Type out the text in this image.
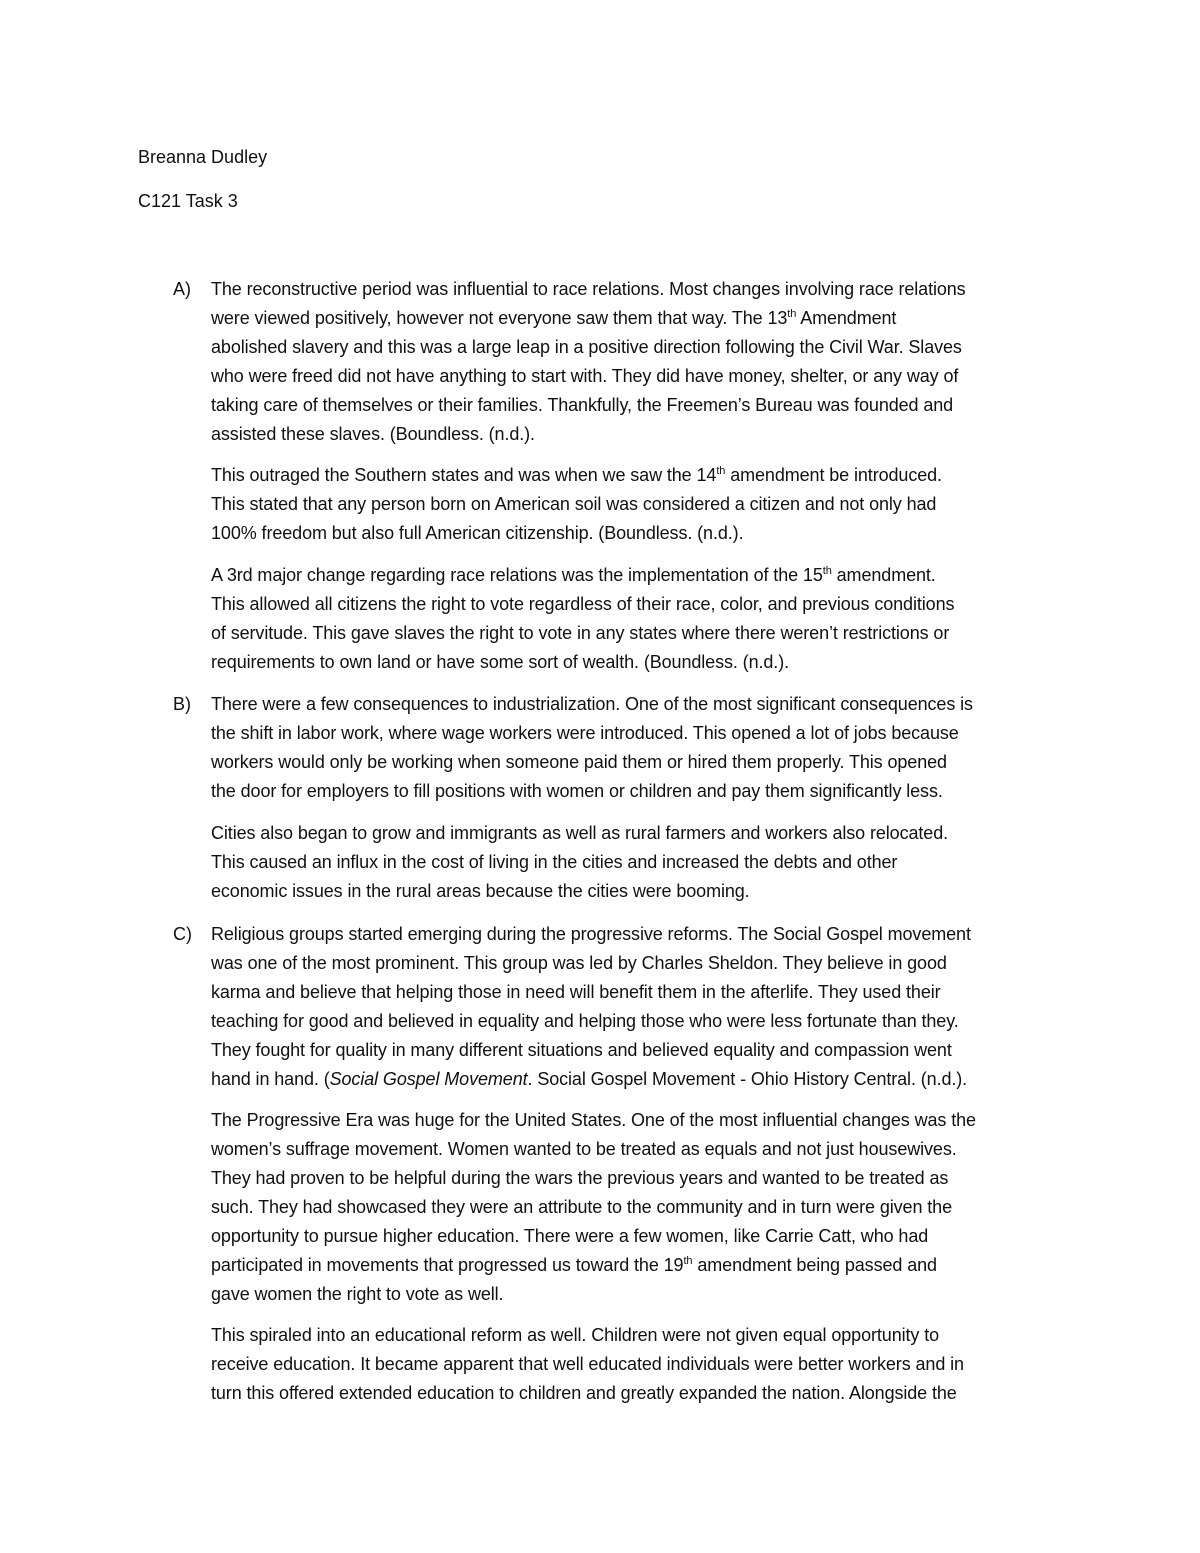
Breanna Dudley
C121 Task 3
A) The reconstructive period was influential to race relations. Most changes involving race relations
were viewed positively, however not everyone saw them that way. The 13th Amendment
abolished slavery and this was a large leap in a positive direction following the Civil War. Slaves
who were freed did not have anything to start with. They did have money, shelter, or any way of
taking care of themselves or their families. Thankfully, the Freemen’s Bureau was founded and
assisted these slaves. (Boundless. (n.d.).
This outraged the Southern states and was when we saw the 14th amendment be introduced.
This stated that any person born on American soil was considered a citizen and not only had
100% freedom but also full American citizenship. (Boundless. (n.d.).
A 3rd major change regarding race relations was the implementation of the 15th amendment.
This allowed all citizens the right to vote regardless of their race, color, and previous conditions
of servitude. This gave slaves the right to vote in any states where there weren’t restrictions or
requirements to own land or have some sort of wealth. (Boundless. (n.d.).
B) There were a few consequences to industrialization. One of the most significant consequences is
the shift in labor work, where wage workers were introduced. This opened a lot of jobs because
workers would only be working when someone paid them or hired them properly. This opened
the door for employers to fill positions with women or children and pay them significantly less.
Cities also began to grow and immigrants as well as rural farmers and workers also relocated.
This caused an influx in the cost of living in the cities and increased the debts and other
economic issues in the rural areas because the cities were booming.
C) Religious groups started emerging during the progressive reforms. The Social Gospel movement
was one of the most prominent. This group was led by Charles Sheldon. They believe in good
karma and believe that helping those in need will benefit them in the afterlife. They used their
teaching for good and believed in equality and helping those who were less fortunate than they.
They fought for quality in many different situations and believed equality and compassion went
hand in hand. (Social Gospel Movement. Social Gospel Movement - Ohio History Central. (n.d.).
The Progressive Era was huge for the United States. One of the most influential changes was the
women’s suffrage movement. Women wanted to be treated as equals and not just housewives.
They had proven to be helpful during the wars the previous years and wanted to be treated as
such. They had showcased they were an attribute to the community and in turn were given the
opportunity to pursue higher education. There were a few women, like Carrie Catt, who had
participated in movements that progressed us toward the 19th amendment being passed and
gave women the right to vote as well.
This spiraled into an educational reform as well. Children were not given equal opportunity to
receive education. It became apparent that well educated individuals were better workers and in
turn this offered extended education to children and greatly expanded the nation. Alongside the
